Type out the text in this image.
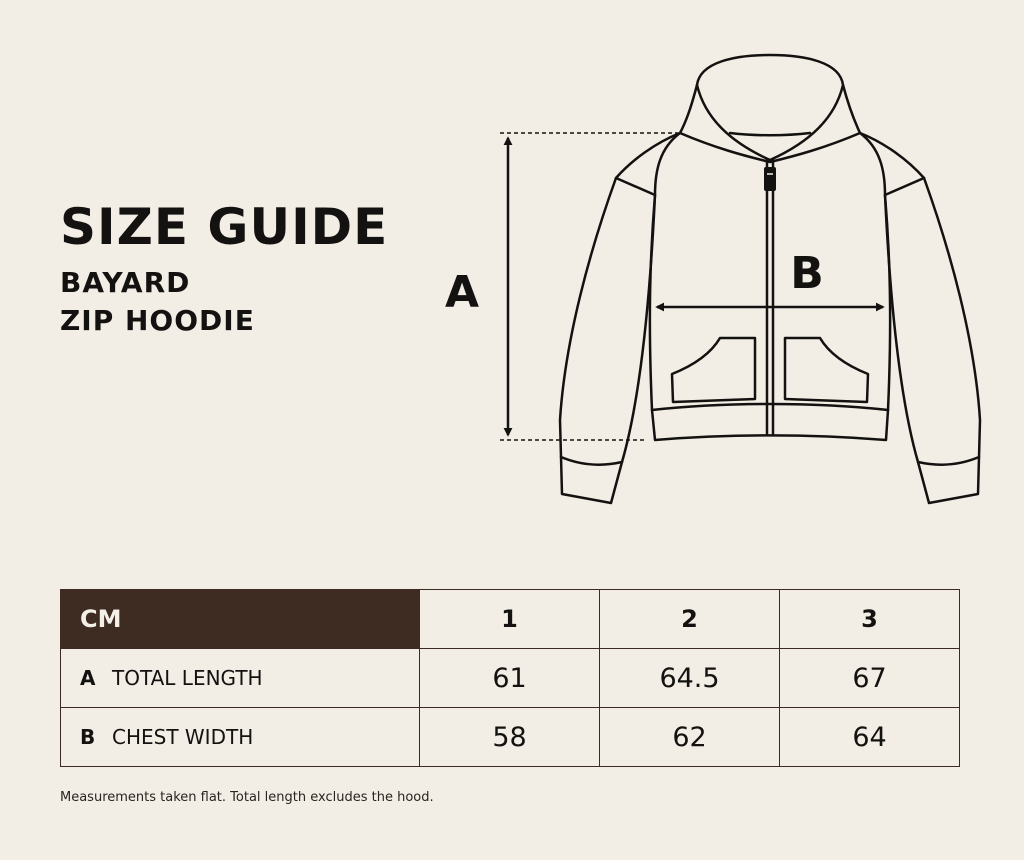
SIZE GUIDE
BAYARD
ZIP HOODIE
A	B
CM	1	2	3
A TOTAL LENGTH	61	64.5	67
B CHEST WIDTH	58	62	64
Measurements taken flat. Total length excludes the hood.
